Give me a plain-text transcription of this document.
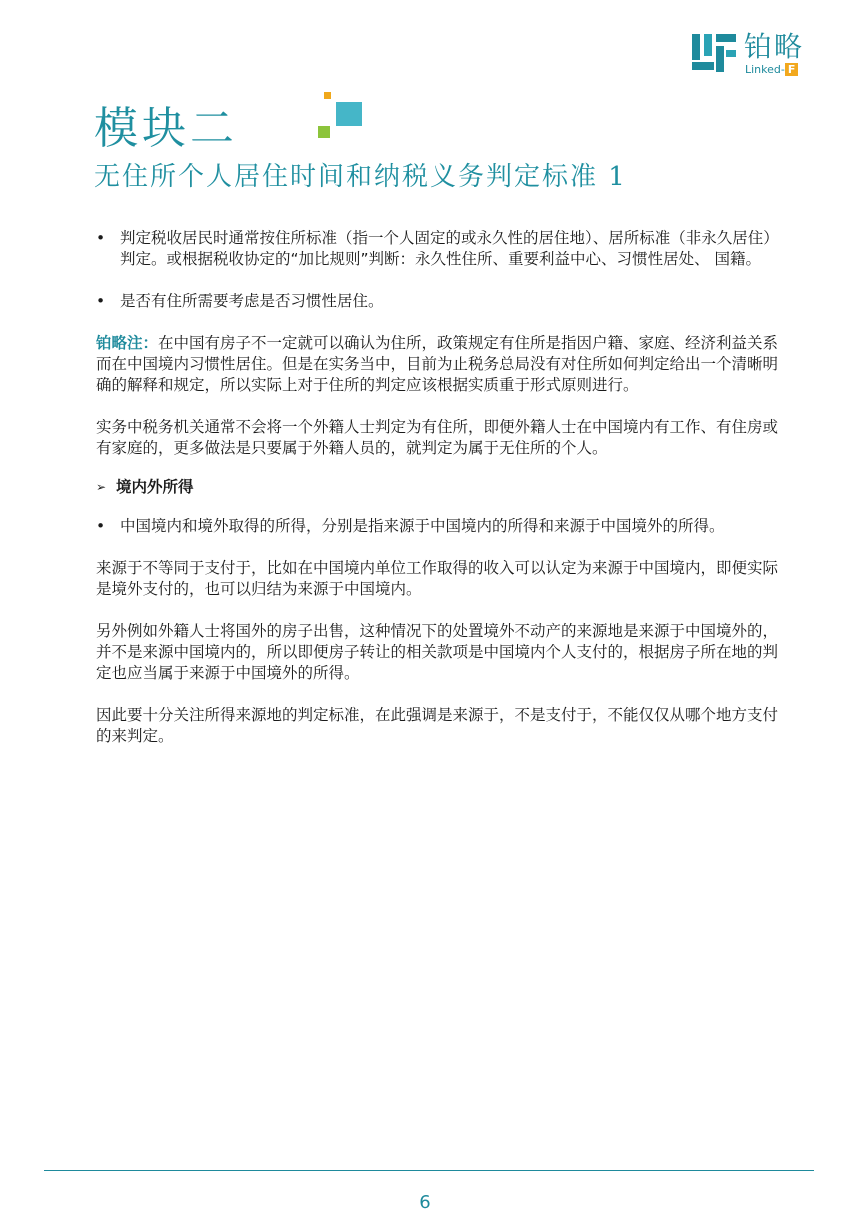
铂略
Linked- F
模块二
无住所个人居住时间和纳税义务判定标准 1
• 判定税收居民时通常按住所标准（指一个人固定的或永久性的居住地）、居所标准（非永久居住）判定。或根据税收协定的“加比规则”判断：永久性住所、重要利益中心、习惯性居处、 国籍。
• 是否有住所需要考虑是否习惯性居住。

铂略注：在中国有房子不一定就可以确认为住所，政策规定有住所是指因户籍、家庭、经济利益关系而在中国境内习惯性居住。但是在实务当中，目前为止税务总局没有对住所如何判定给出一个清晰明确的解释和规定，所以实际上对于住所的判定应该根据实质重于形式原则进行。

实务中税务机关通常不会将一个外籍人士判定为有住所，即便外籍人士在中国境内有工作、有住房或有家庭的，更多做法是只要属于外籍人员的，就判定为属于无住所的个人。

➢ 境内外所得
• 中国境内和境外取得的所得，分别是指来源于中国境内的所得和来源于中国境外的所得。

来源于不等同于支付于，比如在中国境内单位工作取得的收入可以认定为来源于中国境内，即便实际是境外支付的，也可以归结为来源于中国境内。

另外例如外籍人士将国外的房子出售，这种情况下的处置境外不动产的来源地是来源于中国境外的，并不是来源中国境内的，所以即便房子转让的相关款项是中国境内个人支付的，根据房子所在地的判定也应当属于来源于中国境外的所得。

因此要十分关注所得来源地的判定标准，在此强调是来源于，不是支付于，不能仅仅从哪个地方支付的来判定。

6
